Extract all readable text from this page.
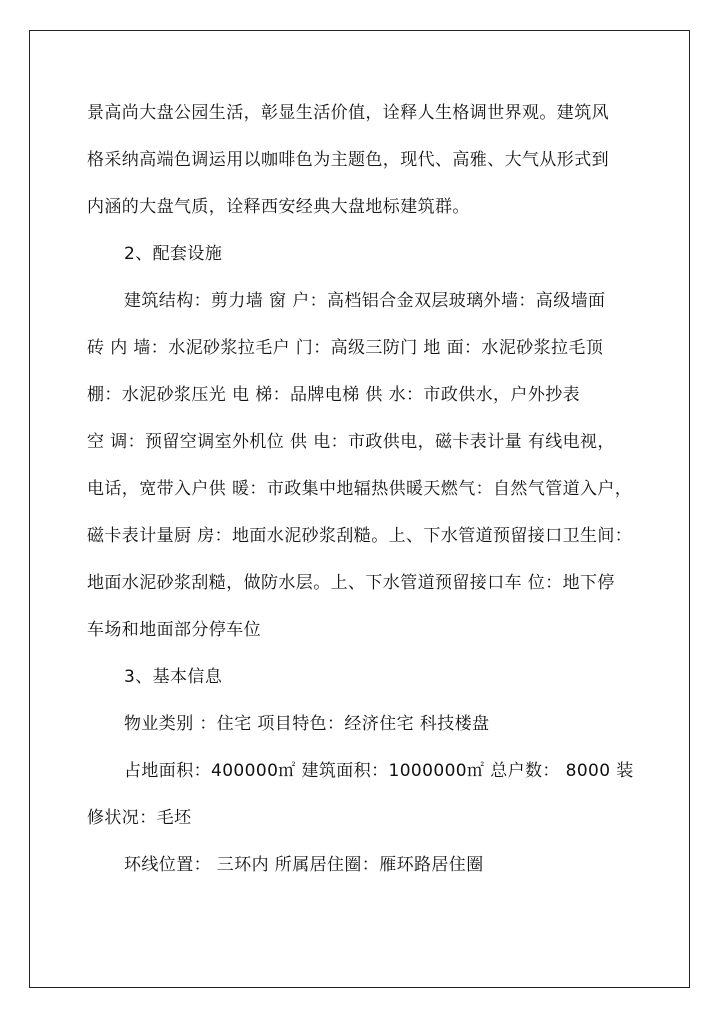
景高尚大盘公园生活，彰显生活价值，诠释人生格调世界观。建筑风
格采纳高端色调运用以咖啡色为主题色，现代、高雅、大气从形式到
内涵的大盘气质，诠释西安经典大盘地标建筑群。
2、配套设施
建筑结构：剪力墙 窗 户：高档铝合金双层玻璃外墙：高级墙面
砖 内 墙：水泥砂浆拉毛户 门：高级三防门 地 面：水泥砂浆拉毛顶
棚：水泥砂浆压光 电 梯：品牌电梯 供 水：市政供水，户外抄表
空 调：预留空调室外机位 供 电：市政供电，磁卡表计量 有线电视，
电话，宽带入户供 暖：市政集中地辐热供暖天燃气：自然气管道入户，
磁卡表计量厨 房：地面水泥砂浆刮糙。上、下水管道预留接口卫生间：
地面水泥砂浆刮糙，做防水层。上、下水管道预留接口车 位：地下停
车场和地面部分停车位
3、基本信息
物业类别 ：住宅 项目特色：经济住宅 科技楼盘
占地面积：400000㎡ 建筑面积：1000000㎡ 总户数： 8000 装
修状况：毛坯
环线位置： 三环内 所属居住圈：雁环路居住圈
